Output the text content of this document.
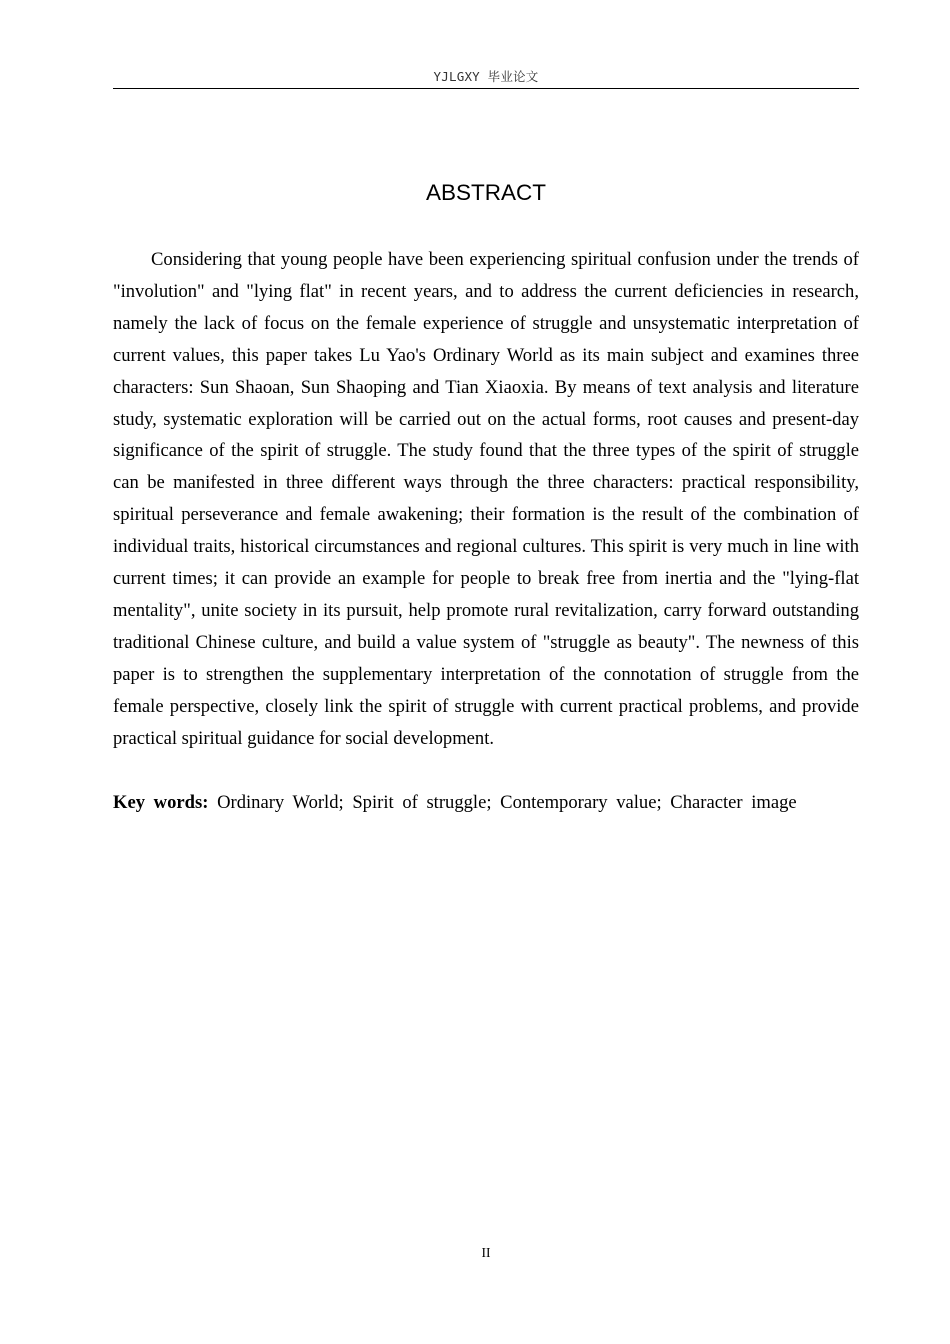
YJLGXY 毕业论文
ABSTRACT

Considering that young people have been experiencing spiritual confusion under the trends of "involution" and "lying flat" in recent years, and to address the current deficiencies in research, namely the lack of focus on the female experience of struggle and unsystematic interpretation of current values, this paper takes Lu Yao's Ordinary World as its main subject and examines three characters: Sun Shaoan, Sun Shaoping and Tian Xiaoxia. By means of text analysis and literature study, systematic exploration will be carried out on the actual forms, root causes and present-day significance of the spirit of struggle. The study found that the three types of the spirit of struggle can be manifested in three different ways through the three characters: practical responsibility, spiritual perseverance and female awakening; their formation is the result of the combination of individual traits, historical circumstances and regional cultures. This spirit is very much in line with current times; it can provide an example for people to break free from inertia and the "lying-flat mentality", unite society in its pursuit, help promote rural revitalization, carry forward outstanding traditional Chinese culture, and build a value system of "struggle as beauty". The newness of this paper is to strengthen the supplementary interpretation of the connotation of struggle from the female perspective, closely link the spirit of struggle with current practical problems, and provide practical spiritual guidance for social development.

Key words: Ordinary World; Spirit of struggle; Contemporary value; Character image

II
